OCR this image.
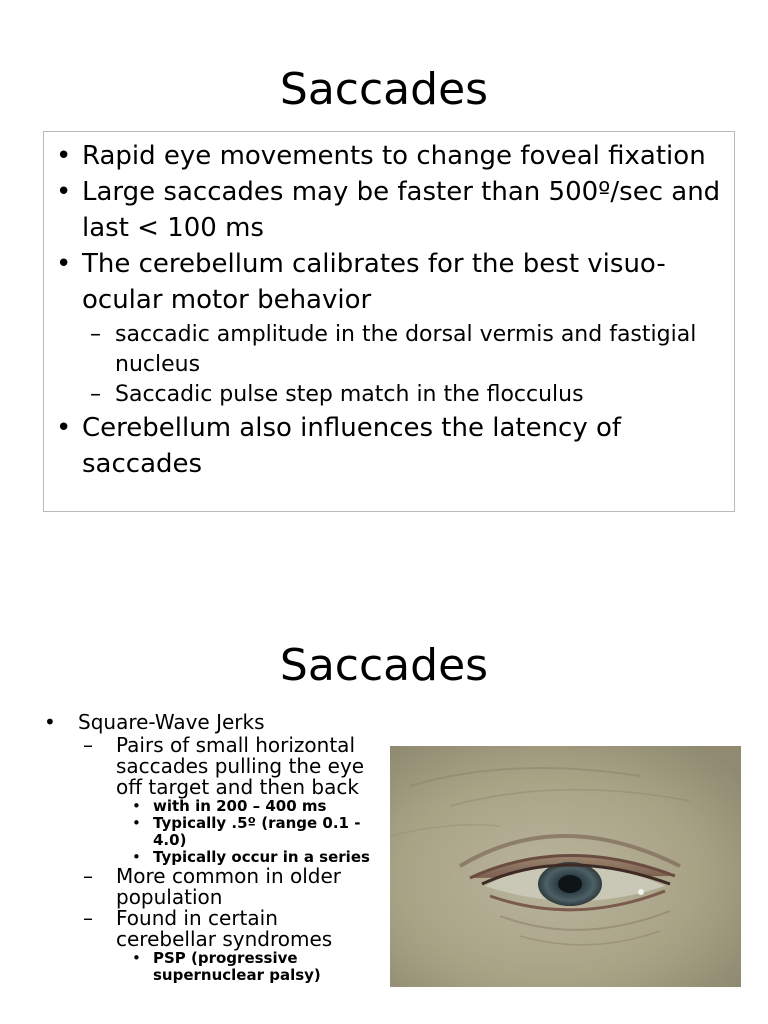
Saccades
• Rapid eye movements to change foveal fixation
• Large saccades may be faster than 500º/sec and last < 100 ms
• The cerebellum calibrates for the best visuo-ocular motor behavior
– saccadic amplitude in the dorsal vermis and fastigial nucleus
– Saccadic pulse step match in the flocculus
• Cerebellum also influences the latency of saccades
Saccades
• Square-Wave Jerks
– Pairs of small horizontal saccades pulling the eye off target and then back
• with in 200 – 400 ms
• Typically .5º (range 0.1 - 4.0)
• Typically occur in a series
– More common in older population
– Found in certain cerebellar syndromes
• PSP (progressive supernuclear palsy)
